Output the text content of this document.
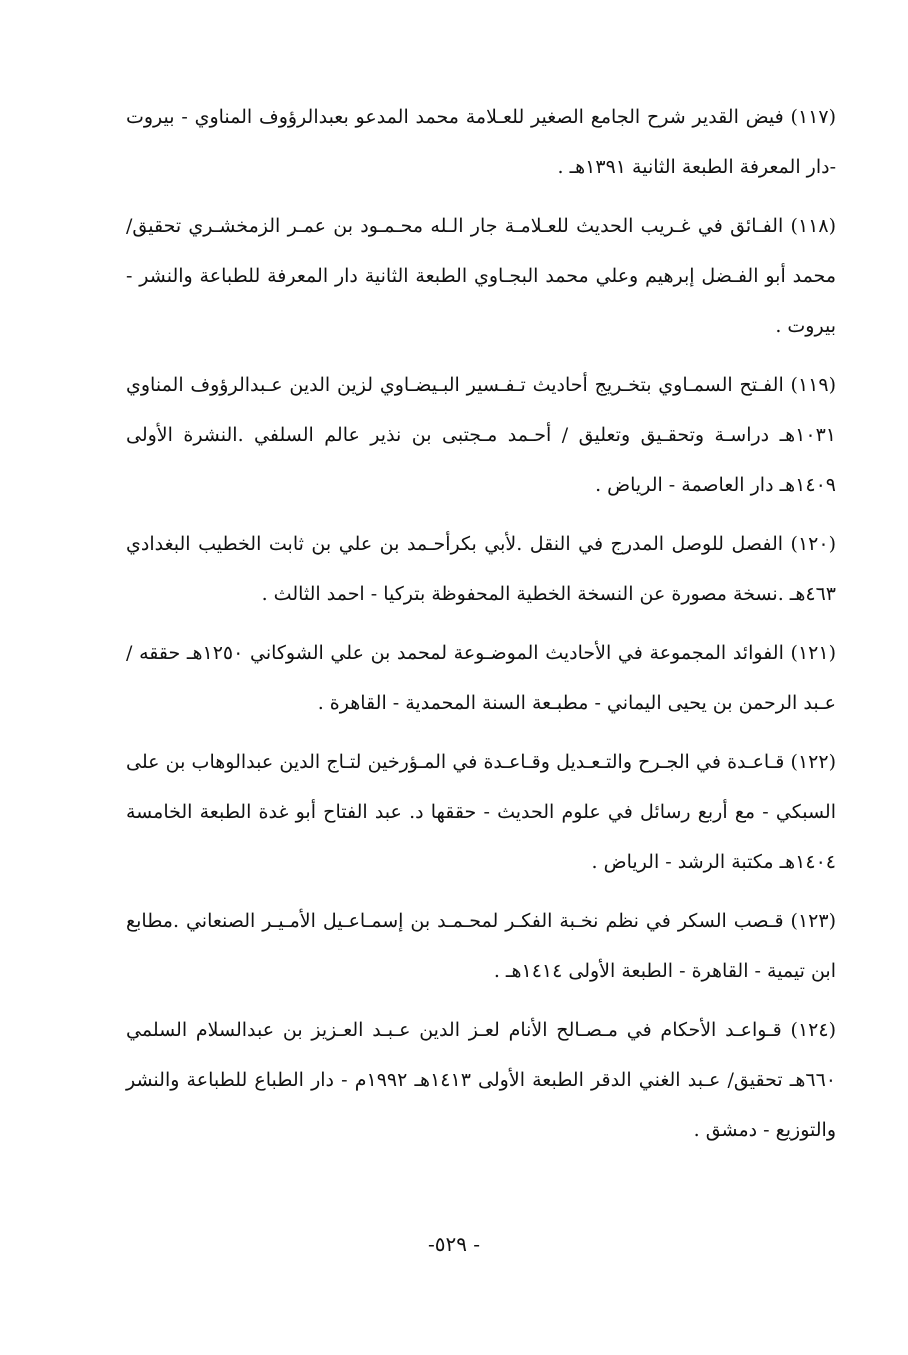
(١١٧) فيض القدير شرح الجامع الصغير للعـلامة محمد المدعو بعبدالرؤوف المناوي - بيروت -دار المعرفة الطبعة الثانية ١٣٩١هـ .

(١١٨) الفـائق في غـريب الحديث للعـلامـة جار الـله محـمـود بن عمـر الزمخشـري تحقيق/ محمد أبو الفـضل إبرهيم وعلي محمد البجـاوي الطبعة الثانية دار المعرفة للطباعة والنشر - بيروت .

(١١٩) الفـتح السمـاوي بتخـريج أحاديث تـفـسير البـيضـاوي لزين الدين عـبدالرؤوف المناوي ١٠٣١هـ دراسـة وتحقـيق وتعليق / أحـمد مـجتبى بن نذير عالم السلفي .النشرة الأولى ١٤٠٩هـ دار العاصمة - الرياض .

(١٢٠) الفصل للوصل المدرج في النقل .لأبي بكرأحـمد بن علي بن ثابت الخطيب البغدادي ٤٦٣هـ .نسخة مصورة عن النسخة الخطية المحفوظة بتركيا - احمد الثالث .

(١٢١) الفوائد المجموعة في الأحاديث الموضـوعة لمحمد بن علي الشوكاني ١٢٥٠هـ حققه / عـبد الرحمن بن يحيى اليماني - مطبـعة السنة المحمدية - القاهرة .

(١٢٢) قـاعـدة في الجـرح والتـعـديل وقـاعـدة في المـؤرخين لتـاج الدين عبدالوهاب بن على السبكي - مع أربع رسائل في علوم الحديث - حققها د. عبد الفتاح أبو غدة الطبعة الخامسة ١٤٠٤هـ مكتبة الرشد - الرياض .

(١٢٣) قـصب السكر في نظم نخـبة الفكـر لمحـمـد بن إسمـاعـيل الأمـيـر الصنعاني .مطابع ابن تيمية - القاهرة - الطبعة الأولى ١٤١٤هـ .

(١٢٤) قـواعـد الأحكام في مـصـالح الأنام لعـز الدين عـبـد العـزيز بن عبدالسلام السلمي ٦٦٠هـ تحقيق/ عـبد الغني الدقر الطبعة الأولى ١٤١٣هـ ١٩٩٢م - دار الطباع للطباعة والنشر والتوزيع - دمشق .

- ٥٢٩-
